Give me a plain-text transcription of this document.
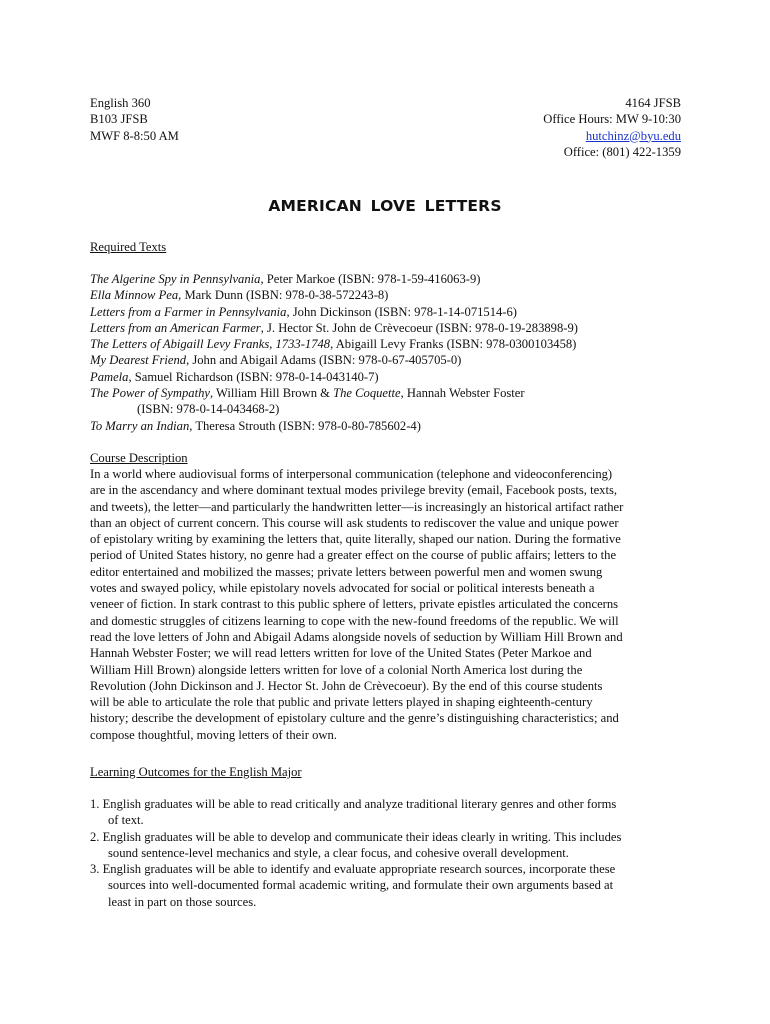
English 360
B103 JFSB
MWF 8-8:50 AM
4164 JFSB
Office Hours: MW 9-10:30
hutchinz@byu.edu
Office: (801) 422-1359
AMERICAN LOVE LETTERS
Required Texts
The Algerine Spy in Pennsylvania, Peter Markoe (ISBN: 978-1-59-416063-9)
Ella Minnow Pea, Mark Dunn (ISBN: 978-0-38-572243-8)
Letters from a Farmer in Pennsylvania, John Dickinson (ISBN: 978-1-14-071514-6)
Letters from an American Farmer, J. Hector St. John de Crèvecoeur (ISBN: 978-0-19-283898-9)
The Letters of Abigaill Levy Franks, 1733-1748, Abigaill Levy Franks (ISBN: 978-0300103458)
My Dearest Friend, John and Abigail Adams (ISBN: 978-0-67-405705-0)
Pamela, Samuel Richardson (ISBN: 978-0-14-043140-7)
The Power of Sympathy, William Hill Brown & The Coquette, Hannah Webster Foster
(ISBN: 978-0-14-043468-2)
To Marry an Indian, Theresa Strouth (ISBN: 978-0-80-785602-4)
Course Description
In a world where audiovisual forms of interpersonal communication (telephone and videoconferencing)
are in the ascendancy and where dominant textual modes privilege brevity (email, Facebook posts, texts,
and tweets), the letter—and particularly the handwritten letter—is increasingly an historical artifact rather
than an object of current concern. This course will ask students to rediscover the value and unique power
of epistolary writing by examining the letters that, quite literally, shaped our nation. During the formative
period of United States history, no genre had a greater effect on the course of public affairs; letters to the
editor entertained and mobilized the masses; private letters between powerful men and women swung
votes and swayed policy, while epistolary novels advocated for social or political interests beneath a
veneer of fiction. In stark contrast to this public sphere of letters, private epistles articulated the concerns
and domestic struggles of citizens learning to cope with the new-found freedoms of the republic. We will
read the love letters of John and Abigail Adams alongside novels of seduction by William Hill Brown and
Hannah Webster Foster; we will read letters written for love of the United States (Peter Markoe and
William Hill Brown) alongside letters written for love of a colonial North America lost during the
Revolution (John Dickinson and J. Hector St. John de Crèvecoeur). By the end of this course students
will be able to articulate the role that public and private letters played in shaping eighteenth-century
history; describe the development of epistolary culture and the genre’s distinguishing characteristics; and
compose thoughtful, moving letters of their own.
Learning Outcomes for the English Major
1. English graduates will be able to read critically and analyze traditional literary genres and other forms
of text.
2. English graduates will be able to develop and communicate their ideas clearly in writing. This includes
sound sentence-level mechanics and style, a clear focus, and cohesive overall development.
3. English graduates will be able to identify and evaluate appropriate research sources, incorporate these
sources into well-documented formal academic writing, and formulate their own arguments based at
least in part on those sources.
